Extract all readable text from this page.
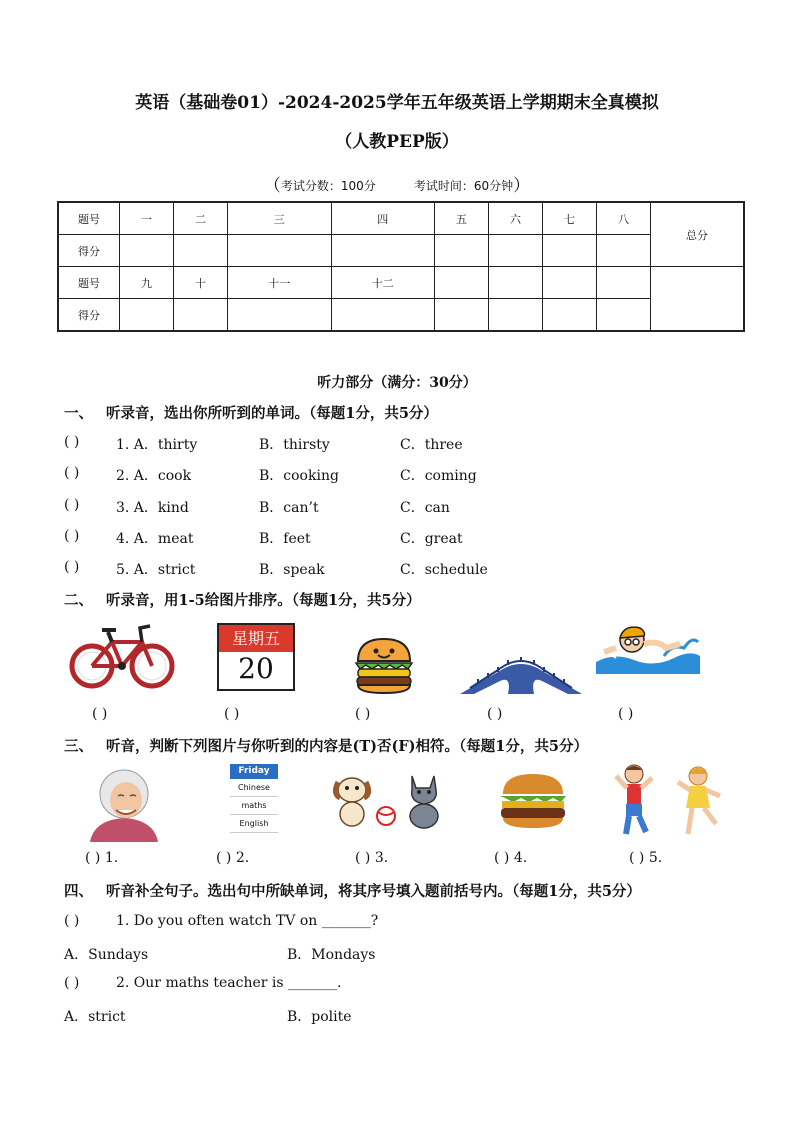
英语（基础卷01）-2024-2025学年五年级英语上学期期末全真模拟
（人教PEP版）
（考试分数：100分	考试时间：60分钟）
题号	一	二	三	四	五	六	七	八	总分
得分									
题号	九	十	十一	十二					
得分									
听力部分（满分：30分）
一、 听录音，选出你所听到的单词。（每题1分，共5分）
( )	1. A．thirty	B．thirsty	C．three
( )	2. A．cook	B．cooking	C．coming
( )	3. A．kind	B．can’t	C．can
( )	4. A．meat	B．feet	C．great
( )	5. A．strict	B．speak	C．schedule
二、 听录音，用1-5给图片排序。（每题1分，共5分）
星期五
20
( )	( )	( )	( )	( )
三、 听音，判断下列图片与你听到的内容是(T)否(F)相符。（每题1分，共5分）
Friday
Chinese
maths
English
( ) 1.	( ) 2.	( ) 3.	( ) 4.	( ) 5.
四、 听音补全句子。选出句中所缺单词，将其序号填入题前括号内。（每题1分，共5分）
( )	1. Do you often watch TV on _______?
A．Sundays	B．Mondays
( )	2. Our maths teacher is _______.
A．strict	B．polite
